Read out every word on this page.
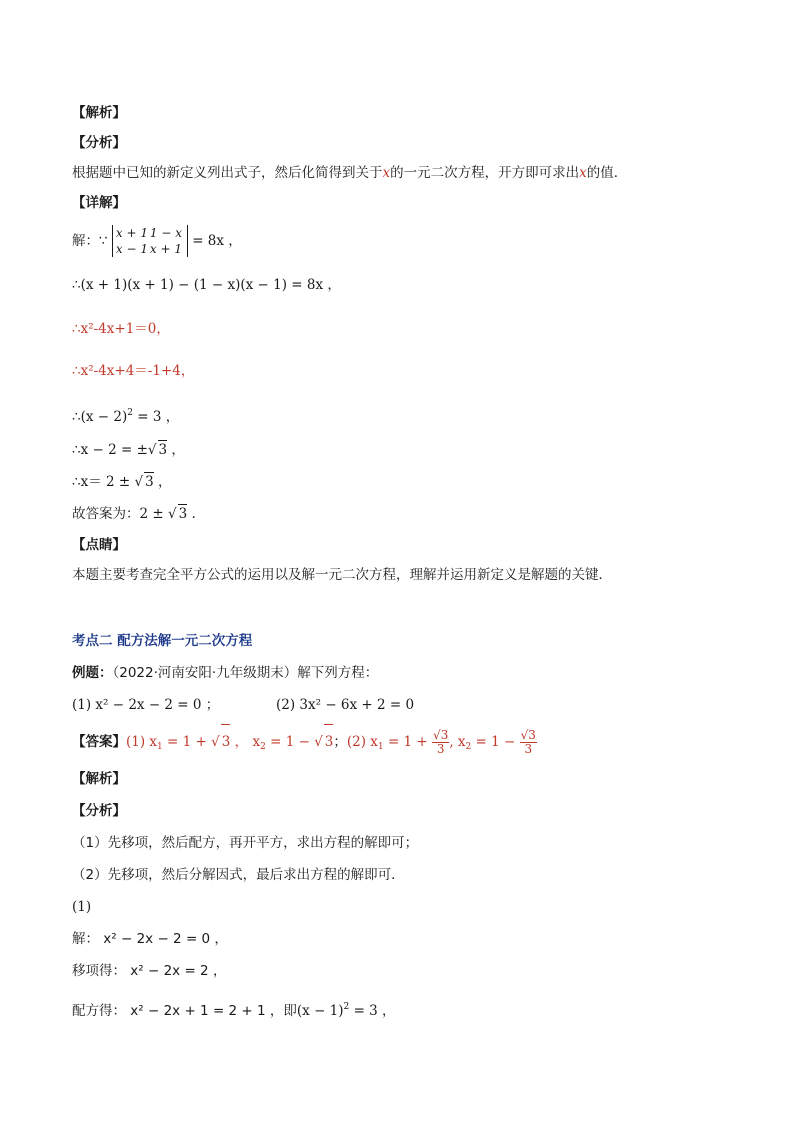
【解析】
【分析】
根据题中已知的新定义列出式子，然后化简得到关于x的一元二次方程，开方即可求出x的值．
【详解】
解：∵ x + 1 1 − x
x − 1 x + 1 = 8x ，
∴(x + 1)(x + 1) − (1 − x)(x − 1) = 8x ，
∴x²-4x+1＝0，
∴x²-4x+4＝-1+4，
∴(x − 2)$^2$ = 3 ，
∴x − 2 = ±√ 3 ，
∴x＝ 2 ± √ 3 ，
故答案为：2 ± √ 3 .
【点睛】
本题主要考查完全平方公式的运用以及解一元二次方程，理解并运用新定义是解题的关键．
考点二 配方法解一元二次方程
例题：（2022·河南安阳·九年级期末）解下列方程：
(1) x² − 2x − 2 = 0 ；	(2) 3x² − 6x + 2 = 0
【答案】(1) $x_1 = 1$ + √ 3 ， $x_2 = 1$ − √ 3；(2) $x_1 = 1 + \frac{√3}{3}$ , $x_2 = 1 - \frac{√3}{3}$
【解析】
【分析】
（1）先移项，然后配方，再开平方，求出方程的解即可；
（2）先移项，然后分解因式，最后求出方程的解即可．
(1)
解： x² − 2x − 2 = 0 ，
移项得： x² − 2x = 2 ，
配方得： x² − 2x + 1 = 2 + 1 ，即$(x - 1)^2 = 3$ ，
